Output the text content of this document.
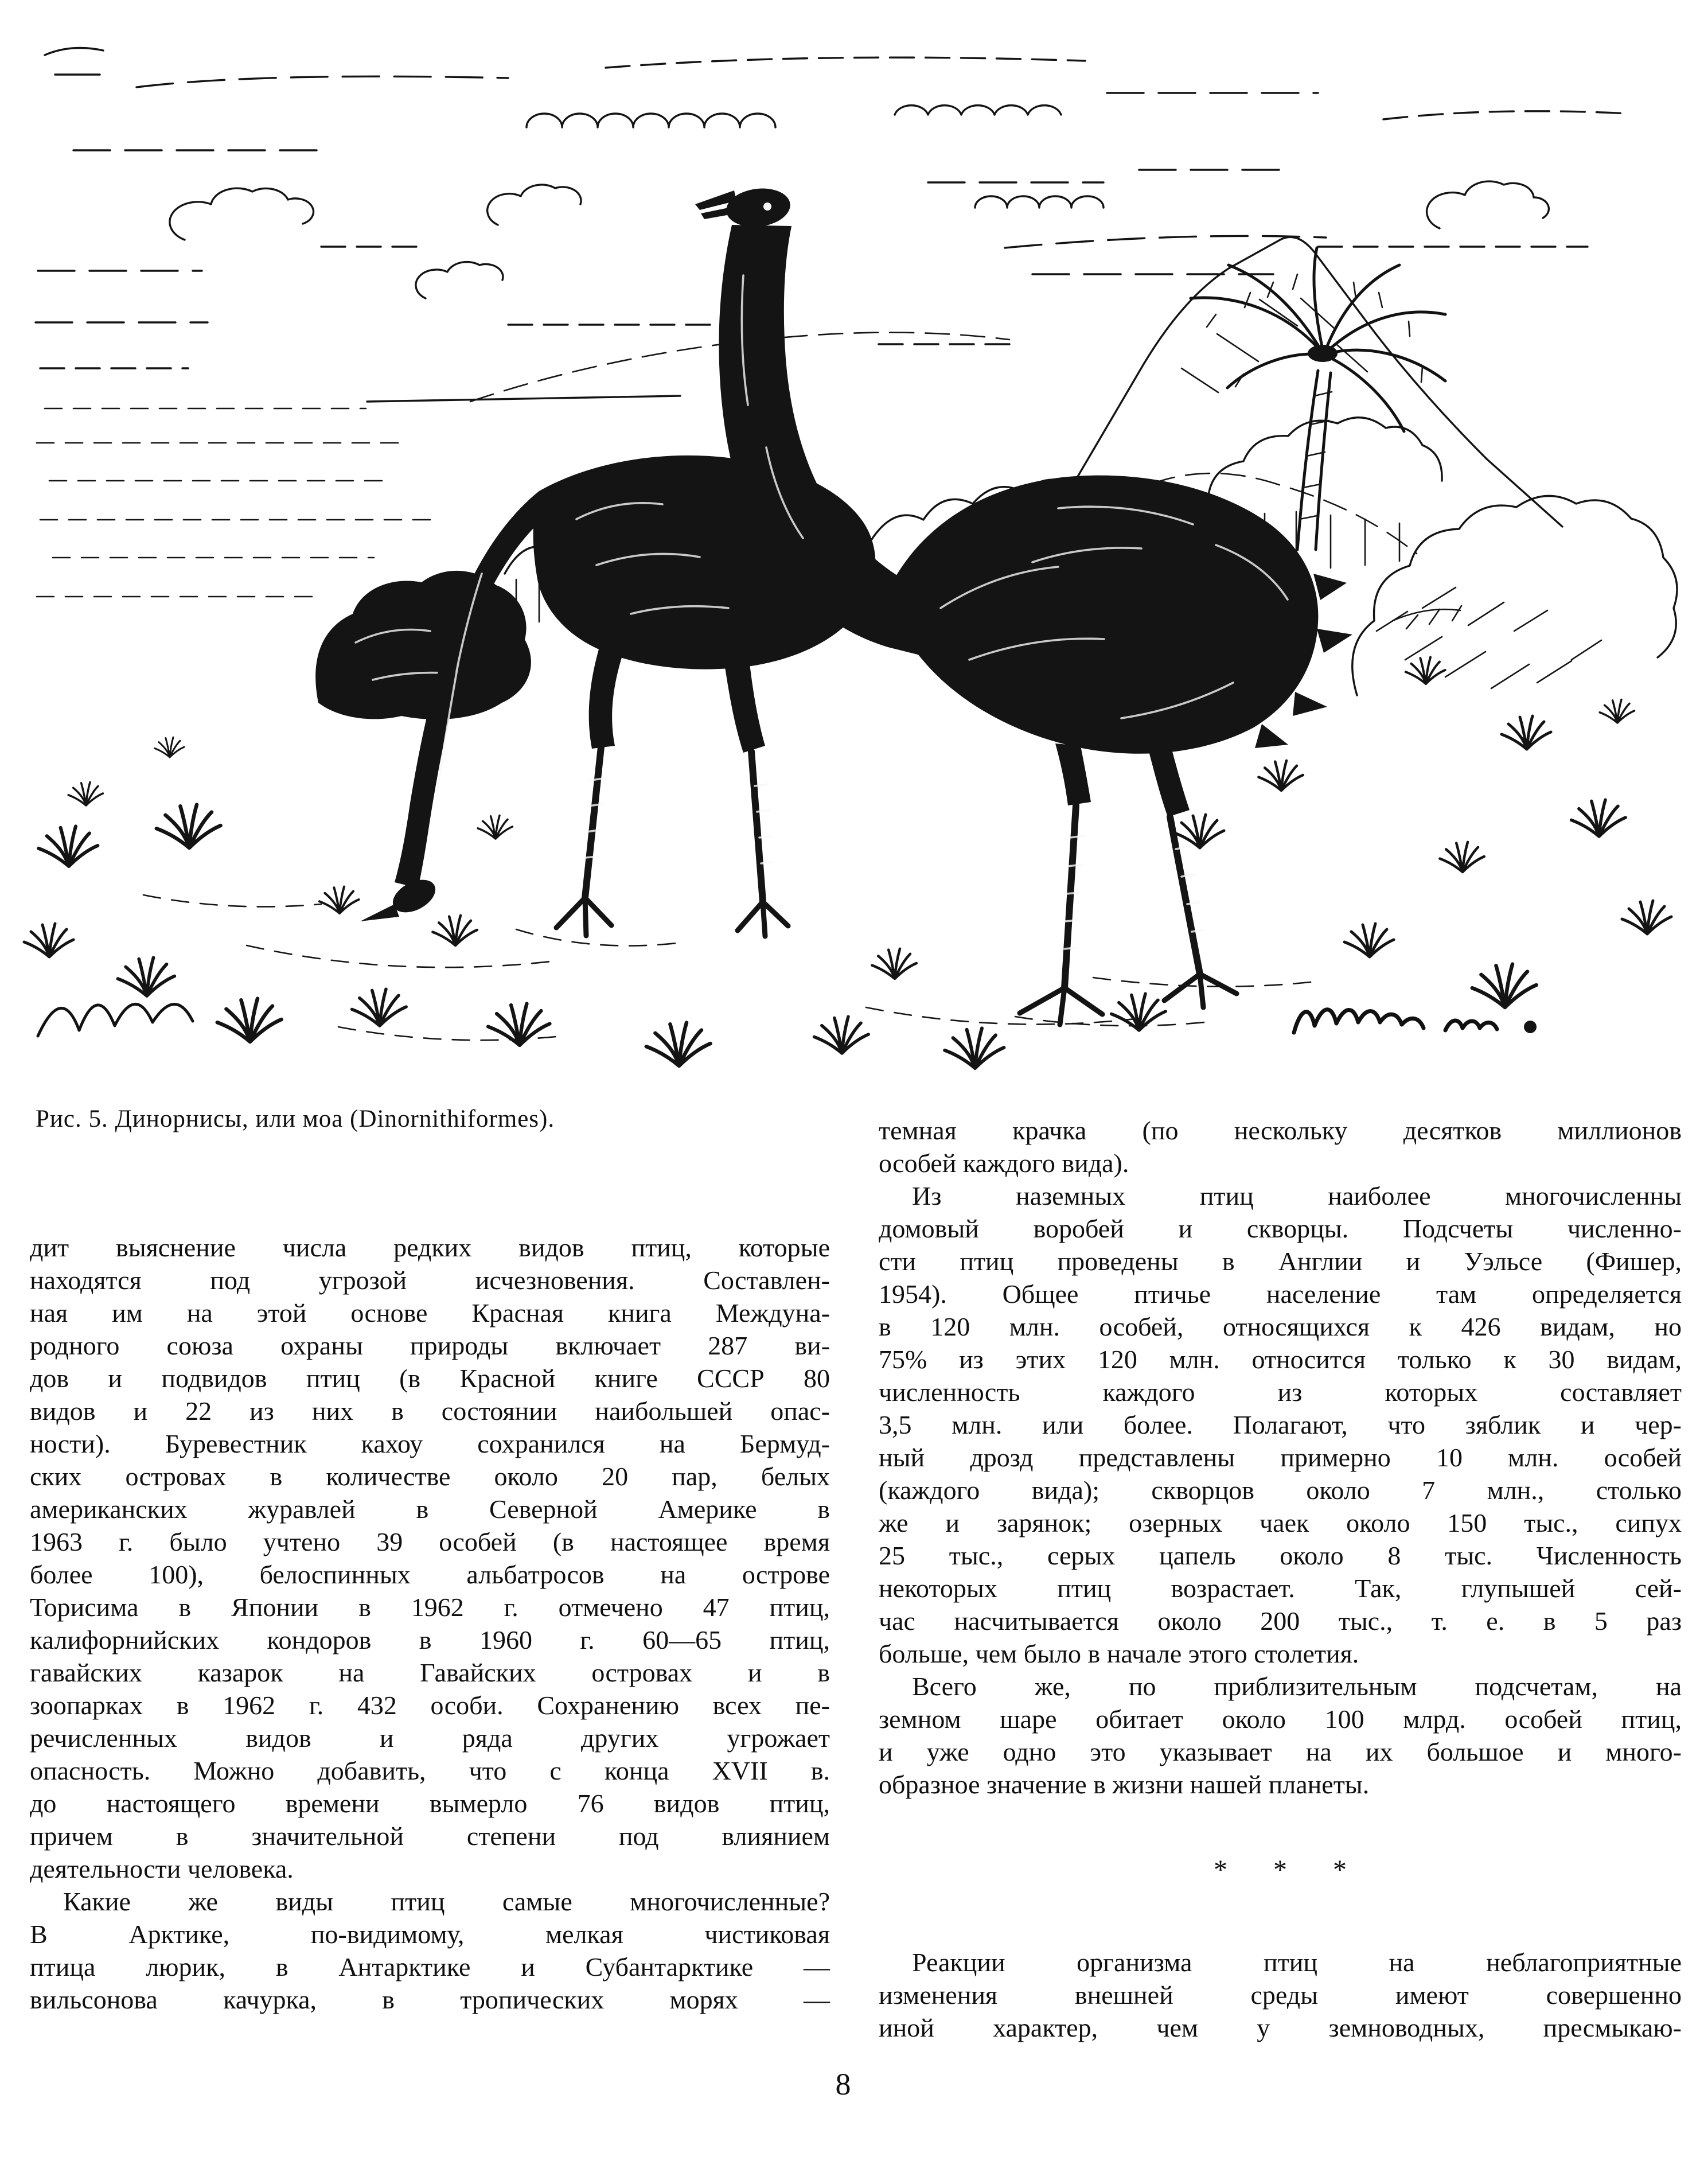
Рис. 5. Динорнисы, или моа (Dinornithiformes).
дит выяснение числа редких видов птиц, которые
находятся под угрозой исчезновения. Составлен-
ная им на этой основе Красная книга Междуна-
родного союза охраны природы включает 287 ви-
дов и подвидов птиц (в Красной книге СССР 80
видов и 22 из них в состоянии наибольшей опас-
ности). Буревестник кахоу сохранился на Бермуд-
ских островах в количестве около 20 пар, белых
американских журавлей в Северной Америке в
1963 г. было учтено 39 особей (в настоящее время
более 100), белоспинных альбатросов на острове
Торисима в Японии в 1962 г. отмечено 47 птиц,
калифорнийских кондоров в 1960 г. 60—65 птиц,
гавайских казарок на Гавайских островах и в
зоопарках в 1962 г. 432 особи. Сохранению всех пе-
речисленных видов и ряда других угрожает
опасность. Можно добавить, что с конца XVII в.
до настоящего времени вымерло 76 видов птиц,
причем в значительной степени под влиянием
деятельности человека.
Какие же виды птиц самые многочисленные?
В Арктике, по-видимому, мелкая чистиковая
птица люрик, в Антарктике и Субантарктике —
вильсонова качурка, в тропических морях —
темная крачка (по нескольку десятков миллионов
особей каждого вида).
Из наземных птиц наиболее многочисленны
домовый воробей и скворцы. Подсчеты численно-
сти птиц проведены в Англии и Уэльсе (Фишер,
1954). Общее птичье население там определяется
в 120 млн. особей, относящихся к 426 видам, но
75% из этих 120 млн. относится только к 30 видам,
численность каждого из которых составляет
3,5 млн. или более. Полагают, что зяблик и чер-
ный дрозд представлены примерно 10 млн. особей
(каждого вида); скворцов около 7 млн., столько
же и зарянок; озерных чаек около 150 тыс., сипух
25 тыс., серых цапель около 8 тыс. Численность
некоторых птиц возрастает. Так, глупышей сей-
час насчитывается около 200 тыс., т. е. в 5 раз
больше, чем было в начале этого столетия.
Всего же, по приблизительным подсчетам, на
земном шаре обитает около 100 млрд. особей птиц,
и уже одно это указывает на их большое и много-
образное значение в жизни нашей планеты.
* * *
Реакции организма птиц на неблагоприятные
изменения внешней среды имеют совершенно
иной характер, чем у земноводных, пресмыкаю-
8
